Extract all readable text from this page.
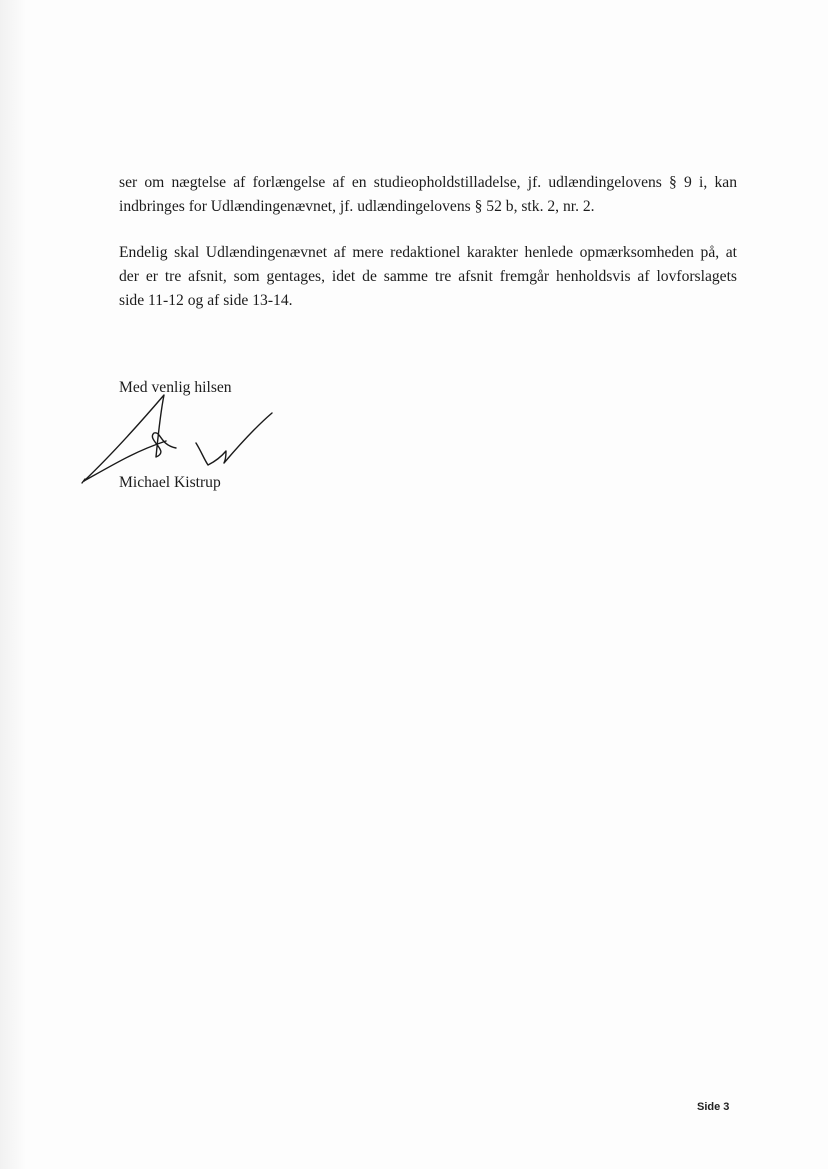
ser om nægtelse af forlængelse af en studieopholdstilladelse, jf. udlændingelovens § 9 i, kan
indbringes for Udlændingenævnet, jf. udlændingelovens § 52 b, stk. 2, nr. 2.
Endelig skal Udlændingenævnet af mere redaktionel karakter henlede opmærksomheden på, at
der er tre afsnit, som gentages, idet de samme tre afsnit fremgår henholdsvis af lovforslagets
side 11-12 og af side 13-14.
Med venlig hilsen
Michael Kistrup
Side 3
